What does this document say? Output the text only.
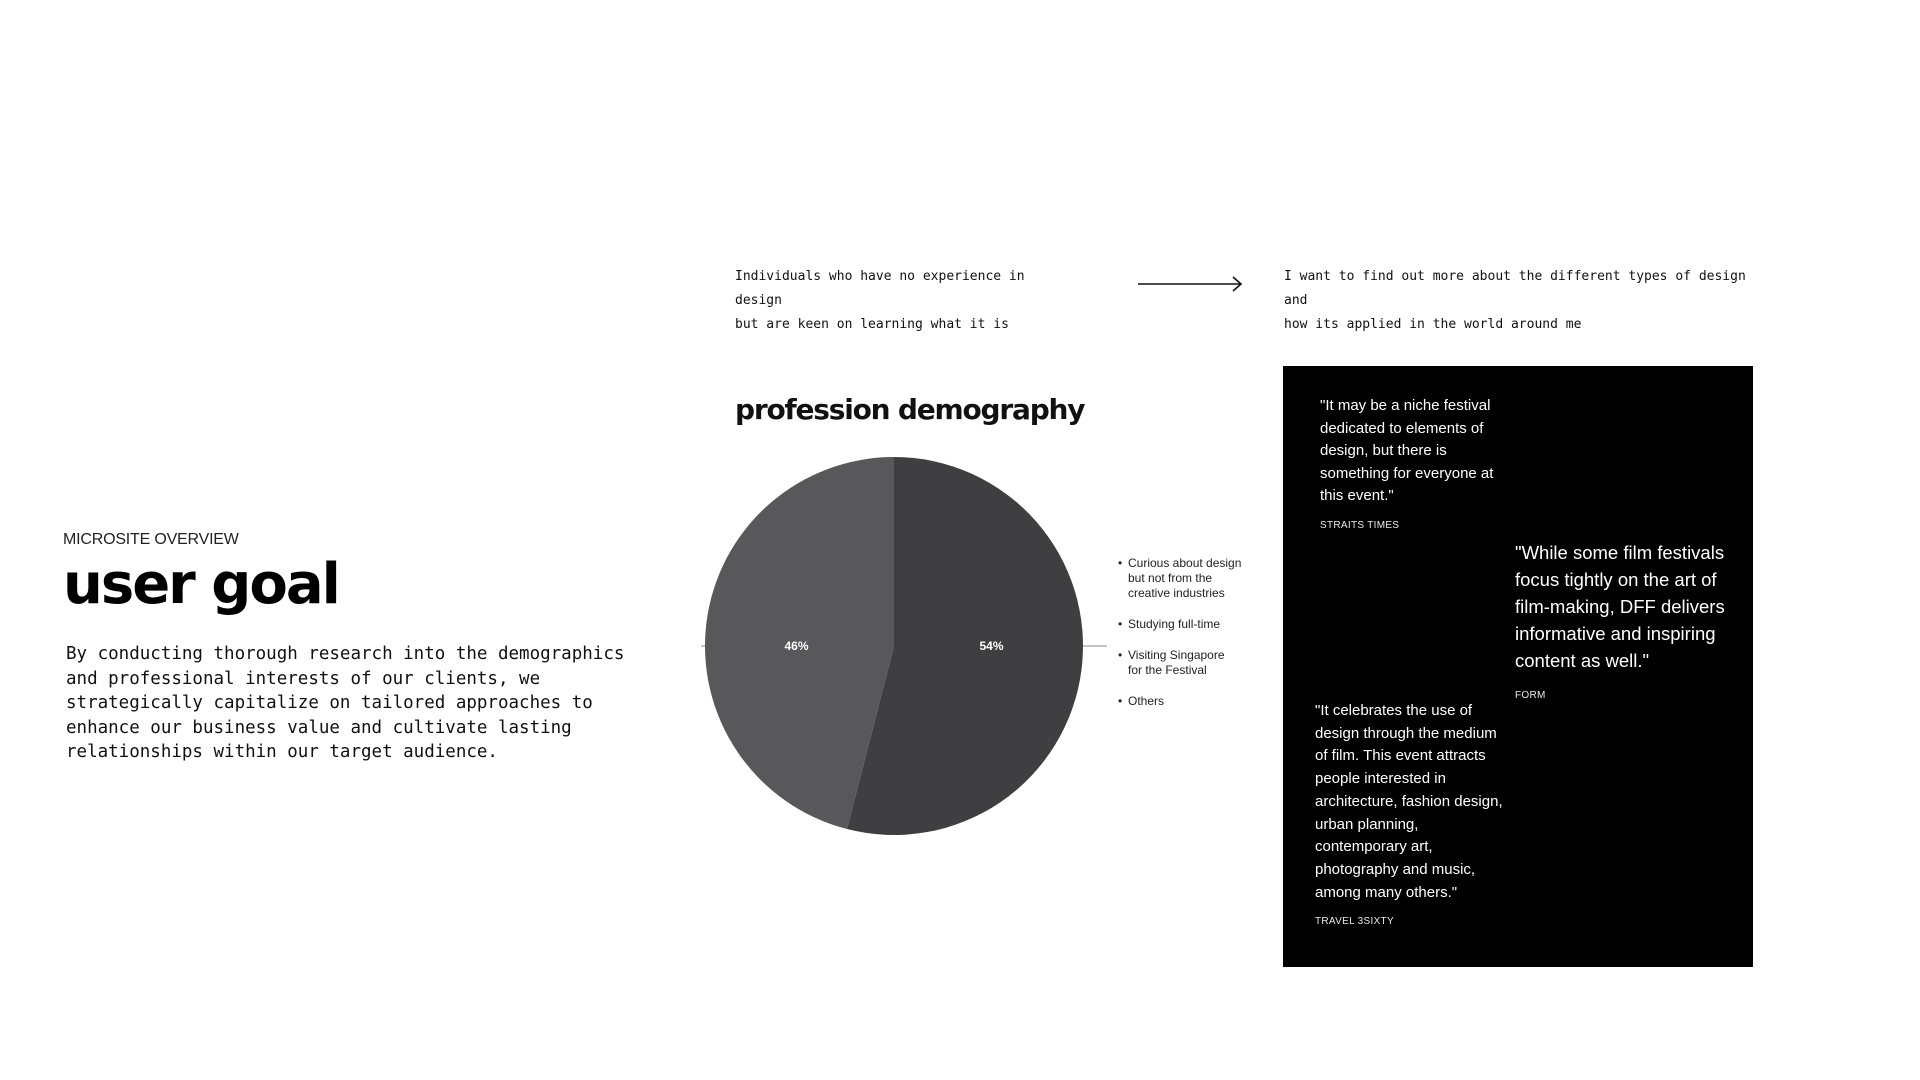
MICROSITE OVERVIEW
user goal
By conducting thorough research into the demographics
and professional interests of our clients, we
strategically capitalize on tailored approaches to
enhance our business value and cultivate lasting
relationships within our target audience.
Individuals who have no experience in design
but are keen on learning what it is
I want to find out more about the different types of design and
how its applied in the world around me
profession demography
54%
46%
• Curious about design
but not from the
creative industries
• Studying full-time
• Visiting Singapore
for the Festival
• Others
"It may be a niche festival
dedicated to elements of
design, but there is
something for everyone at
this event."
STRAITS TIMES
"While some film festivals
focus tightly on the art of
film-making, DFF delivers
informative and inspiring
content as well."
FORM
"It celebrates the use of
design through the medium
of film. This event attracts
people interested in
architecture, fashion design,
urban planning,
contemporary art,
photography and music,
among many others."
TRAVEL 3SIXTY
